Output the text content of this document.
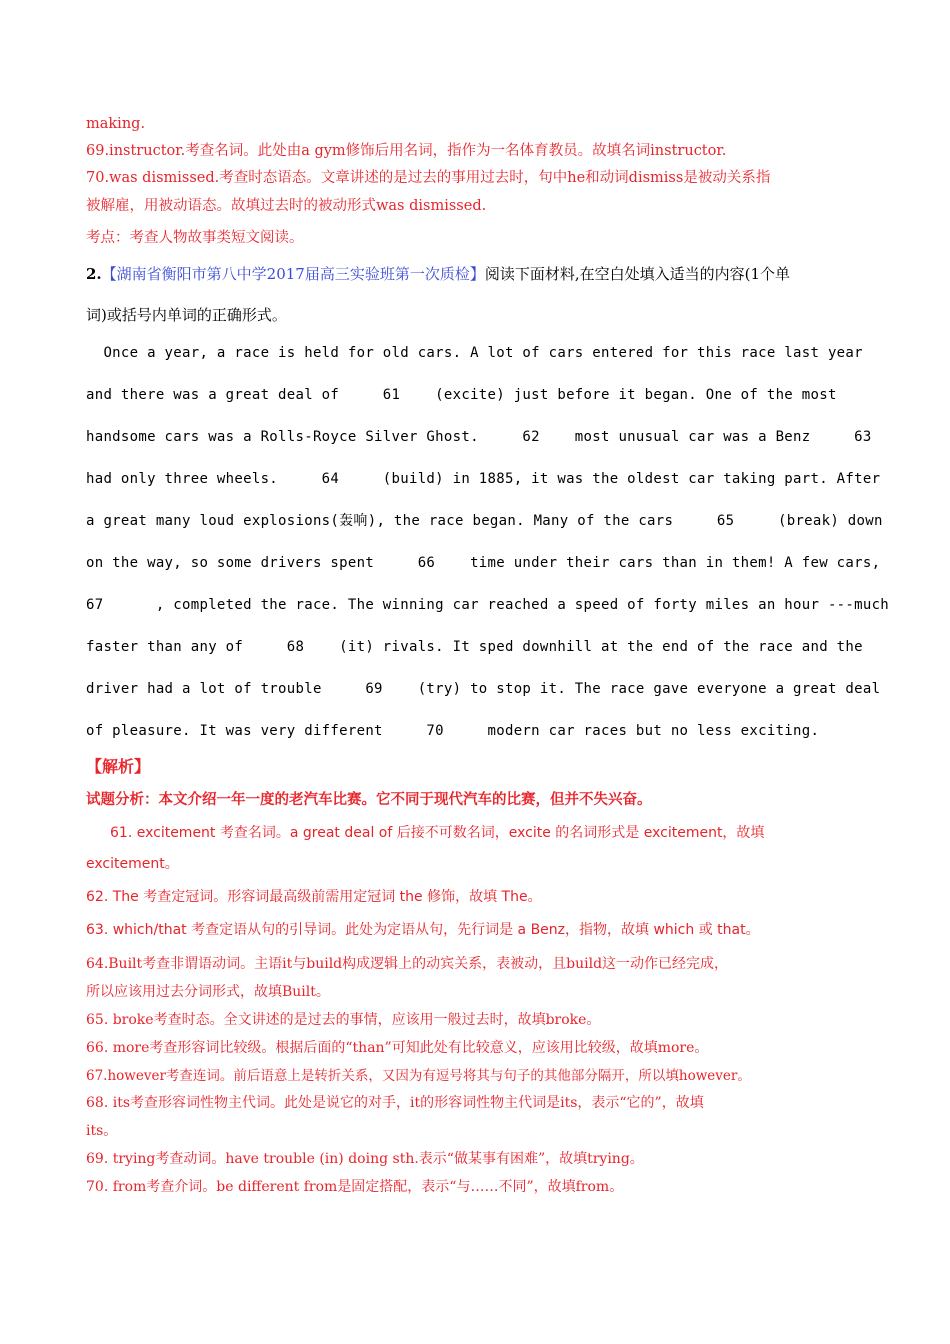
making.
69.instructor.考查名词。此处由a gym修饰后用名词，指作为一名体育教员。故填名词instructor.
70.was dismissed.考查时态语态。文章讲述的是过去的事用过去时，句中he和动词dismiss是被动关系指
被解雇，用被动语态。故填过去时的被动形式was dismissed.
考点：考查人物故事类短文阅读。
2.【湖南省衡阳市第八中学2017届高三实验班第一次质检】阅读下面材料,在空白处填入适当的内容(1个单
词)或括号内单词的正确形式。
Once a year, a race is held for old cars. A lot of cars entered for this race last year
and there was a great deal of     61    (excite) just before it began. One of the most
handsome cars was a Rolls-Royce Silver Ghost.     62    most unusual car was a Benz     63
had only three wheels.     64     (build) in 1885, it was the oldest car taking part. After
a great many loud explosions(轰响), the race began. Many of the cars     65     (break) down
on the way, so some drivers spent     66    time under their cars than in them! A few cars,
67      , completed the race. The winning car reached a speed of forty miles an hour ---much
faster than any of     68    (it) rivals. It sped downhill at the end of the race and the
driver had a lot of trouble     69    (try) to stop it. The race gave everyone a great deal
of pleasure. It was very different     70     modern car races but no less exciting.
【解析】
试题分析：本文介绍一年一度的老汽车比赛。它不同于现代汽车的比赛，但并不失兴奋。
61. excitement 考查名词。a great deal of 后接不可数名词，excite 的名词形式是 excitement，故填
excitement。
62. The 考查定冠词。形容词最高级前需用定冠词 the 修饰，故填 The。
63. which/that 考查定语从句的引导词。此处为定语从句，先行词是 a Benz，指物，故填 which 或 that。
64.Built考查非谓语动词。主语it与build构成逻辑上的动宾关系，表被动，且build这一动作已经完成，
所以应该用过去分词形式，故填Built。
65. broke考查时态。全文讲述的是过去的事情，应该用一般过去时，故填broke。
66. more考查形容词比较级。根据后面的“than”可知此处有比较意义，应该用比较级，故填more。
67.however考查连词。前后语意上是转折关系，又因为有逗号将其与句子的其他部分隔开，所以填however。
68. its考查形容词性物主代词。此处是说它的对手，it的形容词性物主代词是its，表示“它的”，故填
its。
69. trying考查动词。have trouble (in) doing sth.表示“做某事有困难”，故填trying。
70. from考查介词。be different from是固定搭配，表示“与……不同”，故填from。
